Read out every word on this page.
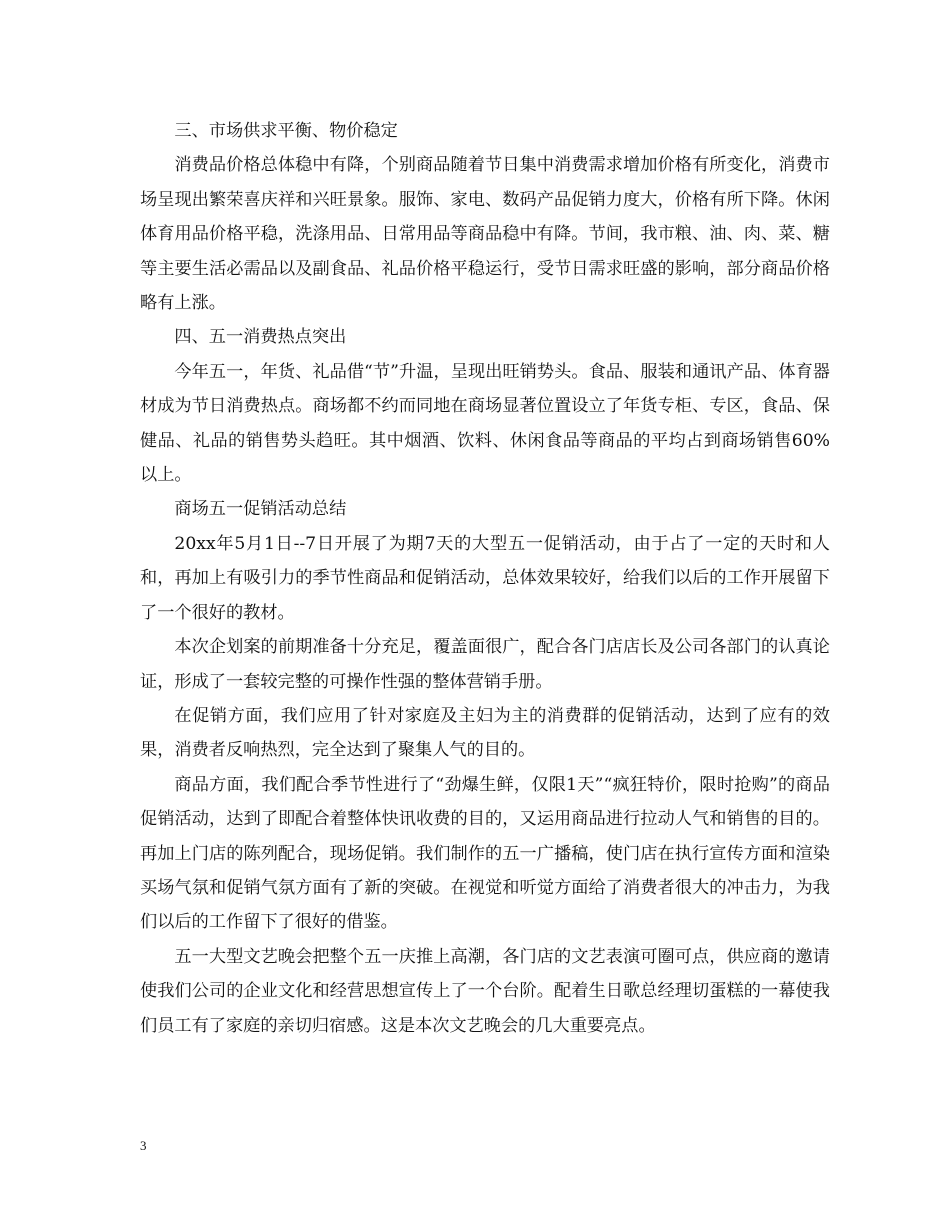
三、市场供求平衡、物价稳定

消费品价格总体稳中有降，个别商品随着节日集中消费需求增加价格有所变化，消费市场呈现出繁荣喜庆祥和兴旺景象。服饰、家电、数码产品促销力度大，价格有所下降。休闲体育用品价格平稳，洗涤用品、日常用品等商品稳中有降。节间，我市粮、油、肉、菜、糖等主要生活必需品以及副食品、礼品价格平稳运行，受节日需求旺盛的影响，部分商品价格略有上涨。

四、五一消费热点突出

今年五一，年货、礼品借“节”升温，呈现出旺销势头。食品、服装和通讯产品、体育器材成为节日消费热点。商场都不约而同地在商场显著位置设立了年货专柜、专区，食品、保健品、礼品的销售势头趋旺。其中烟酒、饮料、休闲食品等商品的平均占到商场销售60%以上。

商场五一促销活动总结

20xx年5月1日--7日开展了为期7天的大型五一促销活动，由于占了一定的天时和人和，再加上有吸引力的季节性商品和促销活动，总体效果较好，给我们以后的工作开展留下了一个很好的教材。

本次企划案的前期准备十分充足，覆盖面很广，配合各门店店长及公司各部门的认真论证，形成了一套较完整的可操作性强的整体营销手册。

在促销方面，我们应用了针对家庭及主妇为主的消费群的促销活动，达到了应有的效果，消费者反响热烈，完全达到了聚集人气的目的。

商品方面，我们配合季节性进行了“劲爆生鲜，仅限1天”“疯狂特价，限时抢购”的商品促销活动，达到了即配合着整体快讯收费的目的，又运用商品进行拉动人气和销售的目的。再加上门店的陈列配合，现场促销。我们制作的五一广播稿，使门店在执行宣传方面和渲染买场气氛和促销气氛方面有了新的突破。在视觉和听觉方面给了消费者很大的冲击力，为我们以后的工作留下了很好的借鉴。

五一大型文艺晚会把整个五一庆推上高潮，各门店的文艺表演可圈可点，供应商的邀请使我们公司的企业文化和经营思想宣传上了一个台阶。配着生日歌总经理切蛋糕的一幕使我们员工有了家庭的亲切归宿感。这是本次文艺晚会的几大重要亮点。

3
